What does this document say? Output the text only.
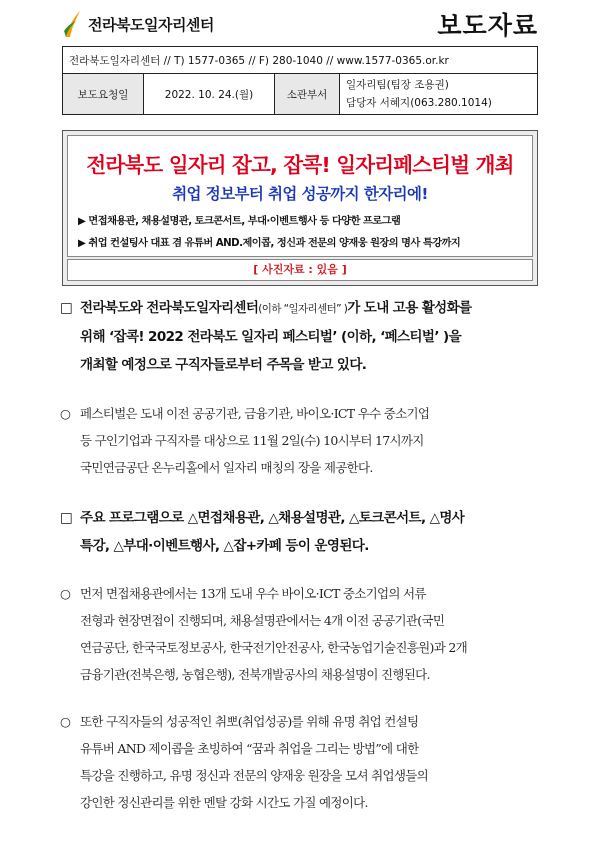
전라북도일자리센터	보도자료
전라북도일자리센터 // T) 1577-0365 // F) 280-1040 // www.1577-0365.or.kr
보도요청일	2022. 10. 24.(월)	소관부서	
일자리팀(팀장 조용권)
담당자 서혜지(063.280.1014)
전라북도 일자리 잡고, 잡콕! 일자리페스티벌 개최
취업 정보부터 취업 성공까지 한자리에!
▶ 면접채용관, 채용설명관, 토크콘서트, 부대·이벤트행사 등 다양한 프로그램
▶ 취업 컨설팅사 대표 겸 유튜버 AND.제이콥, 정신과 전문의 양재웅 원장의 명사 특강까지
[ 사진자료 : 있음 ]
□ 전라북도와 전라북도일자리센터(이하 “일자리센터” )가 도내 고용 활성화를
위해 ‘잡콕! 2022 전라북도 일자리 페스티벌’ (이하, ‘페스티벌’ )을
개최할 예정으로 구직자들로부터 주목을 받고 있다.
○ 페스티벌은 도내 이전 공공기관, 금융기관, 바이오·ICT 우수 중소기업
등 구인기업과 구직자를 대상으로 11월 2일(수) 10시부터 17시까지
국민연금공단 온누리홀에서 일자리 매칭의 장을 제공한다.
□ 주요 프로그램으로 △면접채용관, △채용설명관, △토크콘서트, △명사
특강, △부대·이벤트행사, △잡+카페 등이 운영된다.
○ 먼저 면접채용관에서는 13개 도내 우수 바이오·ICT 중소기업의 서류
전형과 현장면접이 진행되며, 채용설명관에서는 4개 이전 공공기관(국민
연금공단, 한국국토정보공사, 한국전기안전공사, 한국농업기술진흥원)과 2개
금융기관(전북은행, 농협은행), 전북개발공사의 채용설명이 진행된다.
○ 또한 구직자들의 성공적인 취뽀(취업성공)를 위해 유명 취업 컨설팅
유튜버 AND 제이콥을 초빙하여 “꿈과 취업을 그리는 방법”에 대한
특강을 진행하고, 유명 정신과 전문의 양재웅 원장을 모셔 취업생들의
강인한 정신관리를 위한 멘탈 강화 시간도 가질 예정이다.
